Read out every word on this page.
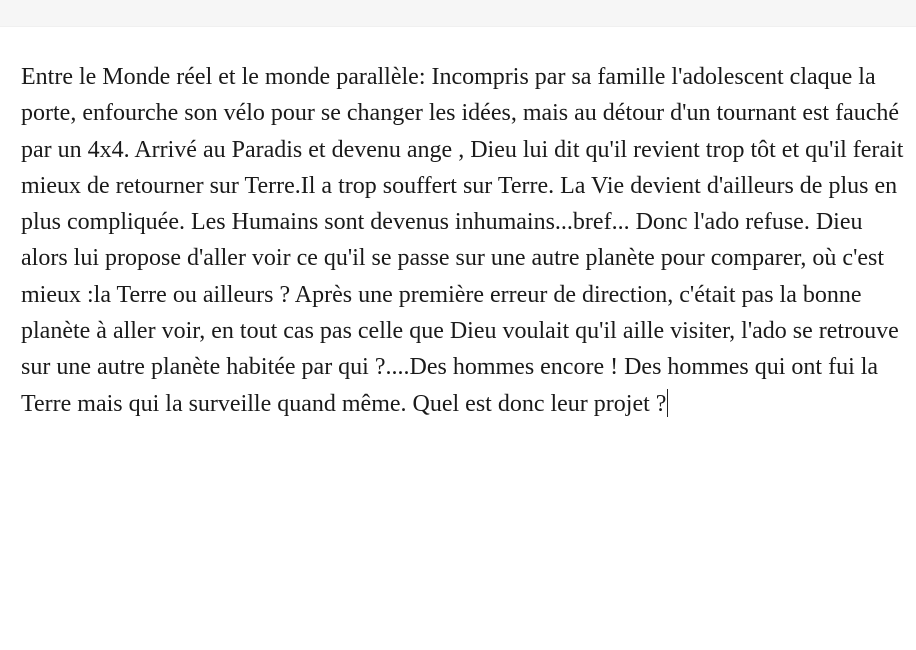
Entre le Monde réel et le monde parallèle: Incompris par sa famille l'adolescent claque la porte, enfourche son vélo pour se changer les idées, mais au détour d'un tournant est fauché par un 4x4. Arrivé au Paradis et devenu ange , Dieu lui dit qu'il revient trop tôt et qu'il ferait mieux de retourner sur Terre.Il a trop souffert sur Terre. La Vie devient d'ailleurs de plus en plus compliquée. Les Humains sont devenus inhumains...bref... Donc l'ado refuse. Dieu alors lui propose d'aller voir ce qu'il se passe sur une autre planète pour comparer, où c'est mieux :la Terre ou ailleurs ? Après une première erreur de direction, c'était pas la bonne planète à aller voir, en tout cas pas celle que Dieu voulait qu'il aille visiter, l'ado se retrouve sur une autre planète habitée par qui ?....Des hommes encore ! Des hommes qui ont fui la Terre mais qui la surveille quand même. Quel est donc leur projet ?
